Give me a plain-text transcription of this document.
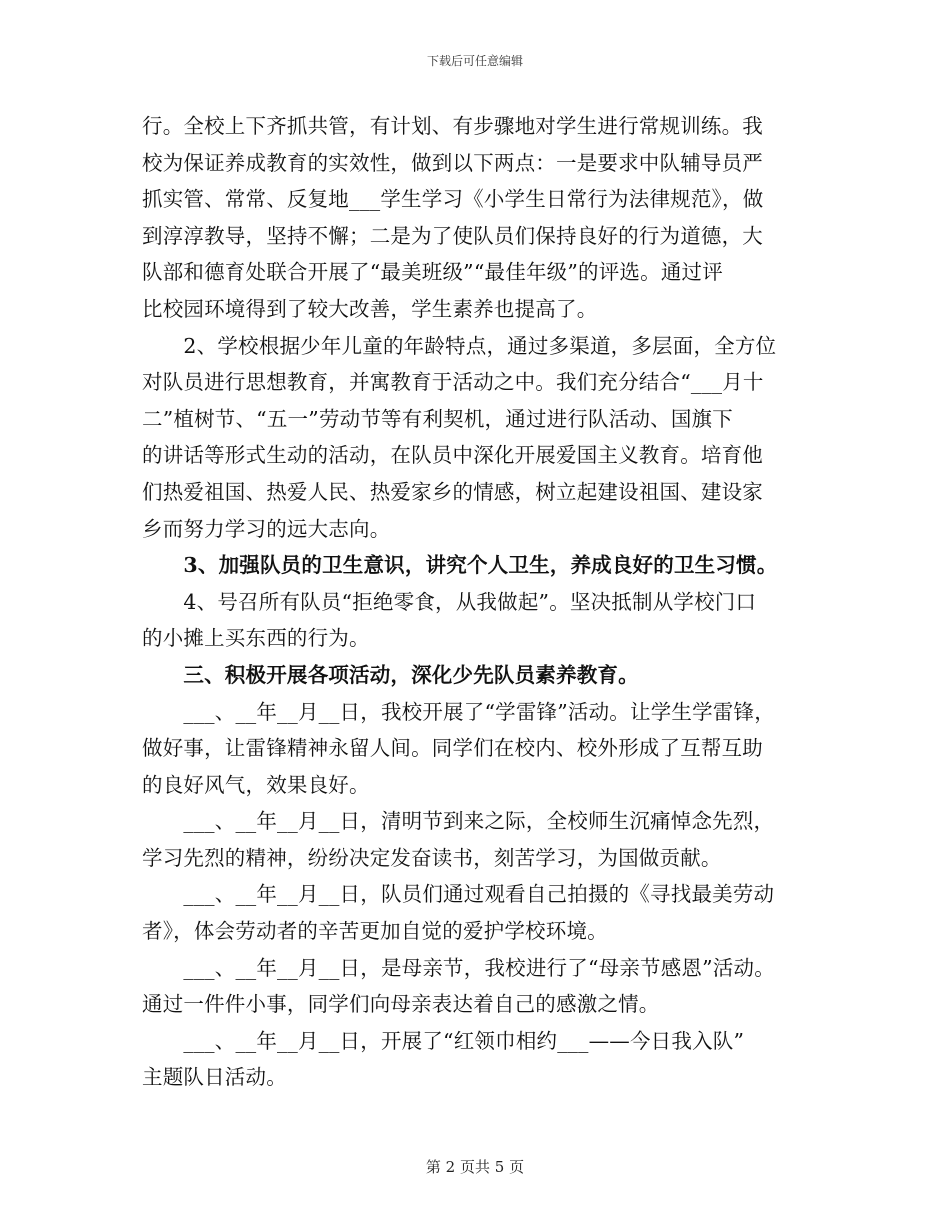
下载后可任意编辑
行。全校上下齐抓共管，有计划、有步骤地对学生进行常规训练。我
校为保证养成教育的实效性，做到以下两点：一是要求中队辅导员严
抓实管、常常、反复地___学生学习《小学生日常行为法律规范》，做
到淳淳教导，坚持不懈；二是为了使队员们保持良好的行为道德，大
队部和德育处联合开展了“最美班级”“最佳年级”的评选。通过评
比校园环境得到了较大改善，学生素养也提高了。
　　2、学校根据少年儿童的年龄特点，通过多渠道，多层面，全方位
对队员进行思想教育，并寓教育于活动之中。我们充分结合“___月十
二”植树节、“五一”劳动节等有利契机，通过进行队活动、国旗下
的讲话等形式生动的活动，在队员中深化开展爱国主义教育。培育他
们热爱祖国、热爱人民、热爱家乡的情感，树立起建设祖国、建设家
乡而努力学习的远大志向。
　　3、加强队员的卫生意识，讲究个人卫生，养成良好的卫生习惯。
　　4、号召所有队员“拒绝零食，从我做起”。坚决抵制从学校门口
的小摊上买东西的行为。
　　三、积极开展各项活动，深化少先队员素养教育。
　　___、__年__月__日，我校开展了“学雷锋”活动。让学生学雷锋，
做好事，让雷锋精神永留人间。同学们在校内、校外形成了互帮互助
的良好风气，效果良好。
　　___、__年__月__日，清明节到来之际，全校师生沉痛悼念先烈，
学习先烈的精神，纷纷决定发奋读书，刻苦学习，为国做贡献。
　　___、__年__月__日，队员们通过观看自己拍摄的《寻找最美劳动
者》，体会劳动者的辛苦更加自觉的爱护学校环境。
　　___、__年__月__日，是母亲节，我校进行了“母亲节感恩”活动。
通过一件件小事，同学们向母亲表达着自己的感激之情。
　　___、__年__月__日，开展了“红领巾相约___——今日我入队”
主题队日活动。
第 2 页共 5 页
